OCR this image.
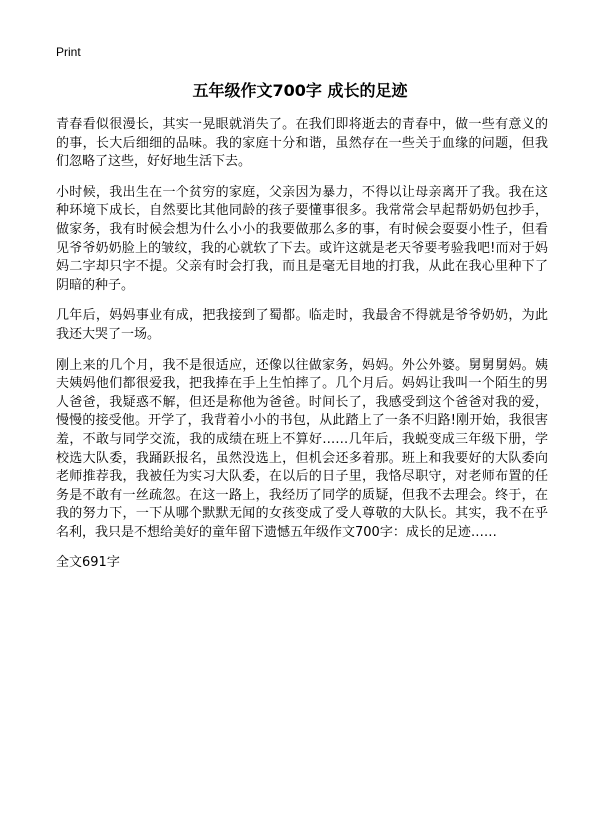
Print
五年级作文700字 成长的足迹

青春看似很漫长，其实一晃眼就消失了。在我们即将逝去的青春中，做一些有意义的的事，长大后细细的品味。我的家庭十分和谐，虽然存在一些关于血缘的问题，但我们忽略了这些，好好地生活下去。

小时候，我出生在一个贫穷的家庭，父亲因为暴力，不得以让母亲离开了我。我在这种环境下成长，自然要比其他同龄的孩子要懂事很多。我常常会早起帮奶奶包抄手，做家务，我有时候会想为什么小小的我要做那么多的事，有时候会耍耍小性子，但看见爷爷奶奶脸上的皱纹，我的心就软了下去。或许这就是老天爷要考验我吧!而对于妈妈二字却只字不提。父亲有时会打我，而且是毫无目地的打我，从此在我心里种下了阴暗的种子。

几年后，妈妈事业有成，把我接到了蜀都。临走时，我最舍不得就是爷爷奶奶，为此我还大哭了一场。

刚上来的几个月，我不是很适应，还像以往做家务，妈妈。外公外婆。舅舅舅妈。姨夫姨妈他们都很爱我，把我捧在手上生怕摔了。几个月后。妈妈让我叫一个陌生的男人爸爸，我疑惑不解，但还是称他为爸爸。时间长了，我感受到这个爸爸对我的爱，慢慢的接受他。开学了，我背着小小的书包，从此踏上了一条不归路!刚开始，我很害羞，不敢与同学交流，我的成绩在班上不算好……几年后，我蜕变成三年级下册，学校选大队委，我踊跃报名，虽然没选上，但机会还多着那。班上和我要好的大队委向老师推荐我，我被任为实习大队委，在以后的日子里，我恪尽职守，对老师布置的任务是不敢有一丝疏忽。在这一路上，我经历了同学的质疑，但我不去理会。终于，在我的努力下，一下从哪个默默无闻的女孩变成了受人尊敬的大队长。其实，我不在乎名利，我只是不想给美好的童年留下遗憾五年级作文700字：成长的足迹……

全文691字
